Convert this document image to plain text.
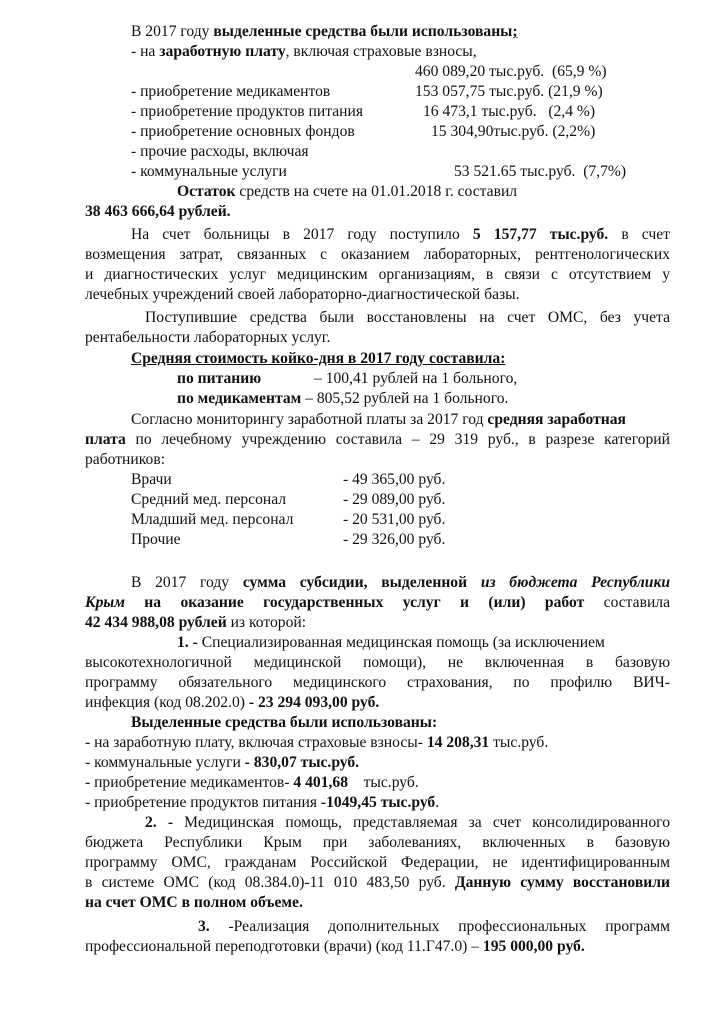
В 2017 году выделенные средства были использованы;
- на заработную плату, включая страховые взносы,
460 089,20 тыс.руб. (65,9 %)
- приобретение медикаментов	153 057,75 тыс.руб. (21,9 %)
- приобретение продуктов питания	16 473,1 тыс.руб. (2,4 %)
- приобретение основных фондов	15 304,90тыс.руб. (2,2%)
- прочие расходы, включая
- коммунальные услуги	53 521.65 тыс.руб. (7,7%)
Остаток средств на счете на 01.01.2018 г. составил
38 463 666,64 рублей.
На счет больницы в 2017 году поступило 5 157,77 тыс.руб. в счет
возмещения затрат, связанных с оказанием лабораторных, рентгенологических
и диагностических услуг медицинским организациям, в связи с отсутствием у
лечебных учреждений своей лабораторно-диагностической базы.
Поступившие средства были восстановлены на счет ОМС, без учета
рентабельности лабораторных услуг.
Средняя стоимость койко-дня в 2017 году составила:
по питанию	– 100,41 рублей на 1 больного,
по медикаментам – 805,52 рублей на 1 больного.
Согласно мониторингу заработной платы за 2017 год средняя заработная
плата по лечебному учреждению составила – 29 319 руб., в разрезе категорий
работников:
Врачи	- 49 365,00 руб.
Средний мед. персонал	- 29 089,00 руб.
Младший мед. персонал	- 20 531,00 руб.
Прочие	- 29 326,00 руб.
В 2017 году сумма субсидии, выделенной из бюджета Республики
Крым на оказание государственных услуг и (или) работ составила
42 434 988,08 рублей из которой:
1. - Специализированная медицинская помощь (за исключением
высокотехнологичной медицинской помощи), не включенная в базовую
программу обязательного медицинского страхования, по профилю ВИЧ-
инфекция (код 08.202.0) - 23 294 093,00 руб.
Выделенные средства были использованы:
- на заработную плату, включая страховые взносы- 14 208,31 тыс.руб.
- коммунальные услуги - 830,07 тыс.руб.
- приобретение медикаментов- 4 401,68    тыс.руб.
- приобретение продуктов питания -1049,45 тыс.руб.
2. - Медицинская помощь, представляемая за счет консолидированного
бюджета Республики Крым при заболеваниях, включенных в базовую
программу ОМС, гражданам Российской Федерации, не идентифицированным
в системе ОМС (код 08.384.0)-11 010 483,50 руб. Данную сумму восстановили
на счет ОМС в полном объеме.
3. -Реализация дополнительных профессиональных программ
профессиональной переподготовки (врачи) (код 11.Г47.0) – 195 000,00 руб.
